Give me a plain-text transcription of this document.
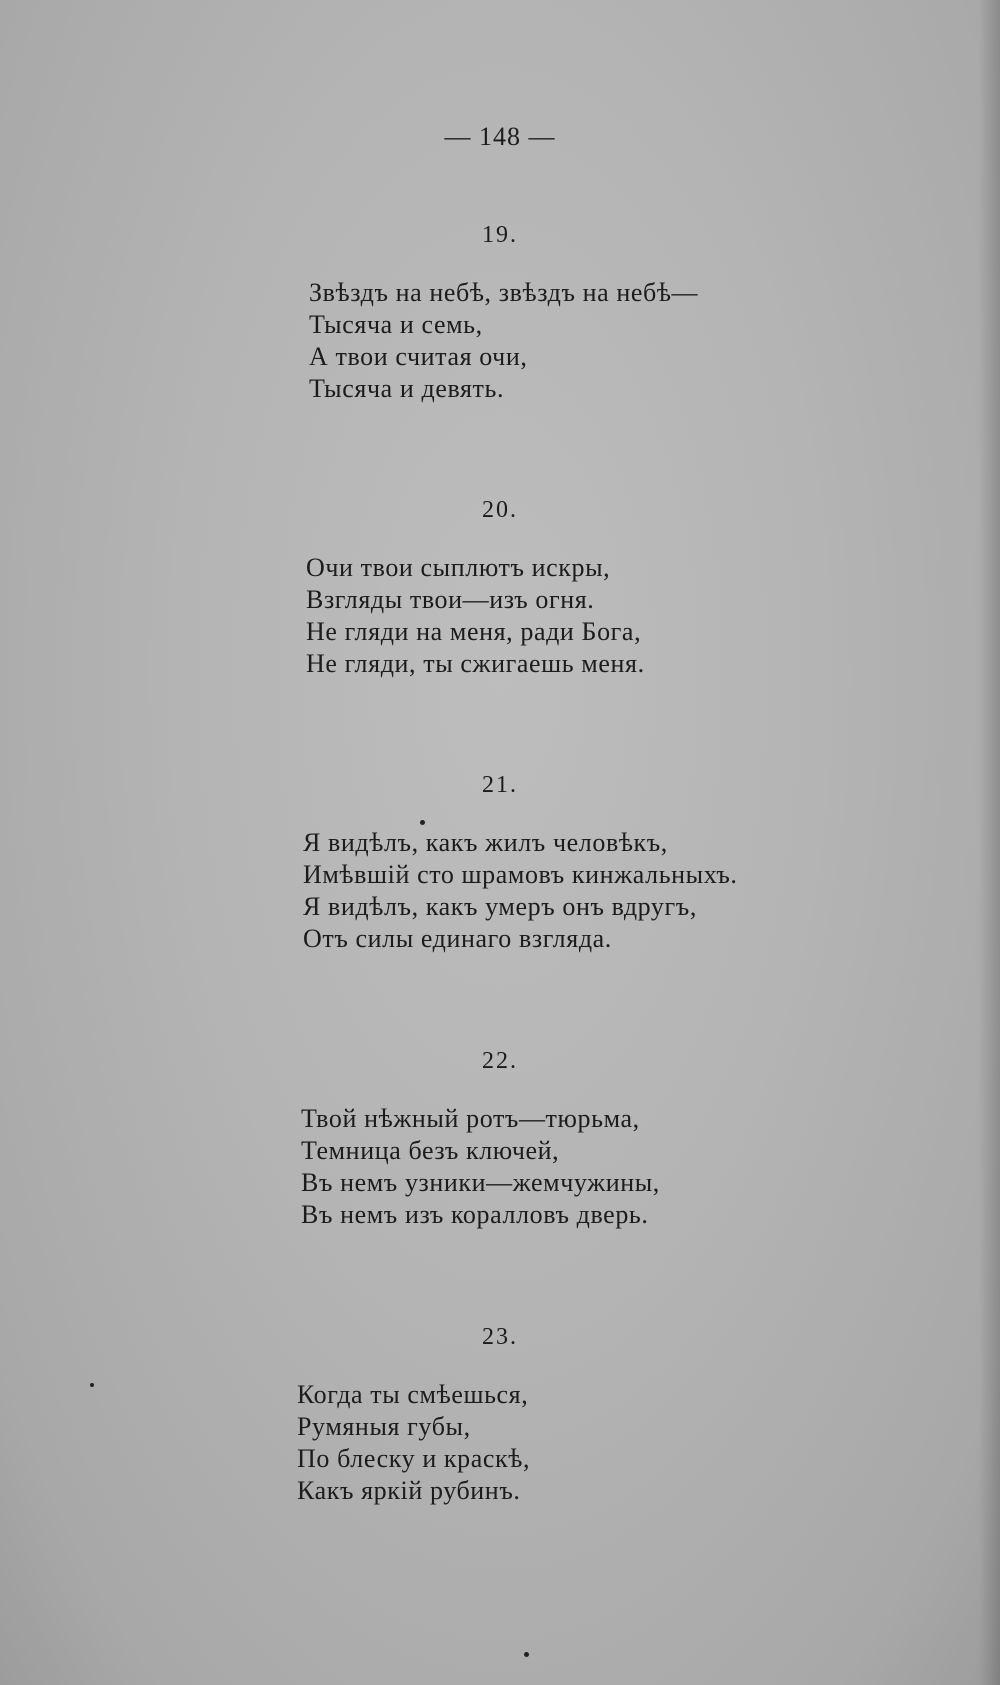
— 148 —
19.
Звѣздъ на небѣ, звѣздъ на небѣ—
Тысяча и семь,
А твои считая очи,
Тысяча и девять.
20.
Очи твои сыплютъ искры,
Взгляды твои—изъ огня.
Не гляди на меня, ради Бога,
Не гляди, ты сжигаешь меня.
21.
Я видѣлъ, какъ жилъ человѣкъ,
Имѣвшій сто шрамовъ кинжальныхъ.
Я видѣлъ, какъ умеръ онъ вдругъ,
Отъ силы единаго взгляда.
22.
Твой нѣжный ротъ—тюрьма,
Темница безъ ключей,
Въ немъ узники—жемчужины,
Въ немъ изъ коралловъ дверь.
23.
Когда ты смѣешься,
Румяныя губы,
По блеску и краскѣ,
Какъ яркій рубинъ.
